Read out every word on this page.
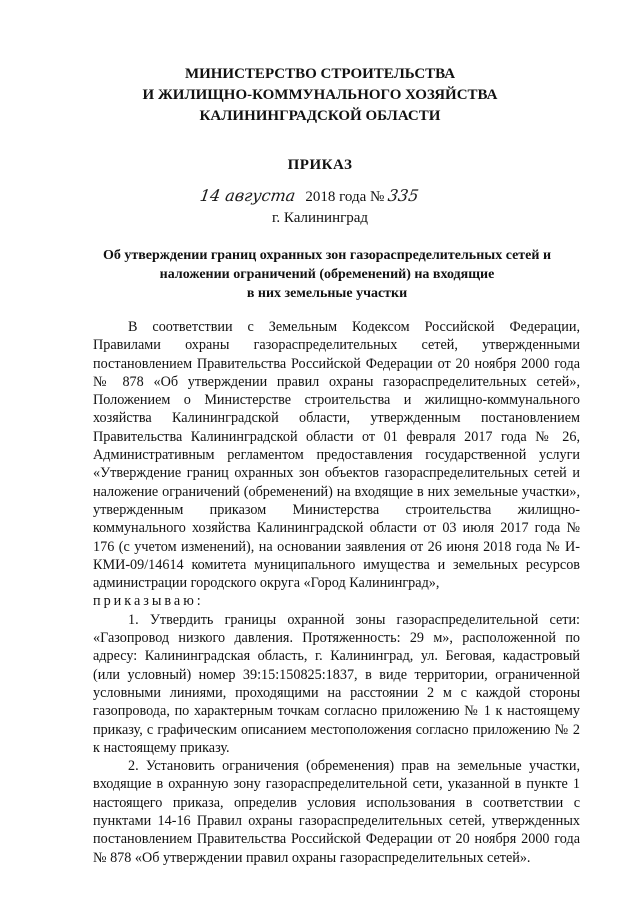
МИНИСТЕРСТВО СТРОИТЕЛЬСТВА
И ЖИЛИЩНО-КОММУНАЛЬНОГО ХОЗЯЙСТВА
КАЛИНИНГРАДСКОЙ ОБЛАСТИ
ПРИКАЗ
14 августа 2018 года № 335
г. Калининград
Об утверждении границ охранных зон газораспределительных сетей и
наложении ограничений (обременений) на входящие
в них земельные участки

В соответствии с Земельным Кодексом Российской Федерации, Правилами охраны газораспределительных сетей, утвержденными постановлением Правительства Российской Федерации от 20 ноября 2000 года № 878 «Об утверждении правил охраны газораспределительных сетей», Положением о Министерстве строительства и жилищно-коммунального хозяйства Калининградской области, утвержденным постановлением Правительства Калининградской области от 01 февраля 2017 года № 26, Административным регламентом предоставления государственной услуги «Утверждение границ охранных зон объектов газораспределительных сетей и наложение ограничений (обременений) на входящие в них земельные участки», утвержденным приказом Министерства строительства жилищно-коммунального хозяйства Калининградской области от 03 июля 2017 года № 176 (с учетом изменений), на основании заявления от 26 июня 2018 года № И-КМИ-09/14614 комитета муниципального имущества и земельных ресурсов администрации городского округа «Город Калининград»,

приказываю:

1. Утвердить границы охранной зоны газораспределительной сети: «Газопровод низкого давления. Протяженность: 29 м», расположенной по адресу: Калининградская область, г. Калининград, ул. Беговая, кадастровый (или условный) номер 39:15:150825:1837, в виде территории, ограниченной условными линиями, проходящими на расстоянии 2 м с каждой стороны газопровода, по характерным точкам согласно приложению № 1 к настоящему приказу, с графическим описанием местоположения согласно приложению № 2 к настоящему приказу.

2. Установить ограничения (обременения) прав на земельные участки, входящие в охранную зону газораспределительной сети, указанной в пункте 1 настоящего приказа, определив условия использования в соответствии с пунктами 14-16 Правил охраны газораспределительных сетей, утвержденных постановлением Правительства Российской Федерации от 20 ноября 2000 года № 878 «Об утверждении правил охраны газораспределительных сетей».
